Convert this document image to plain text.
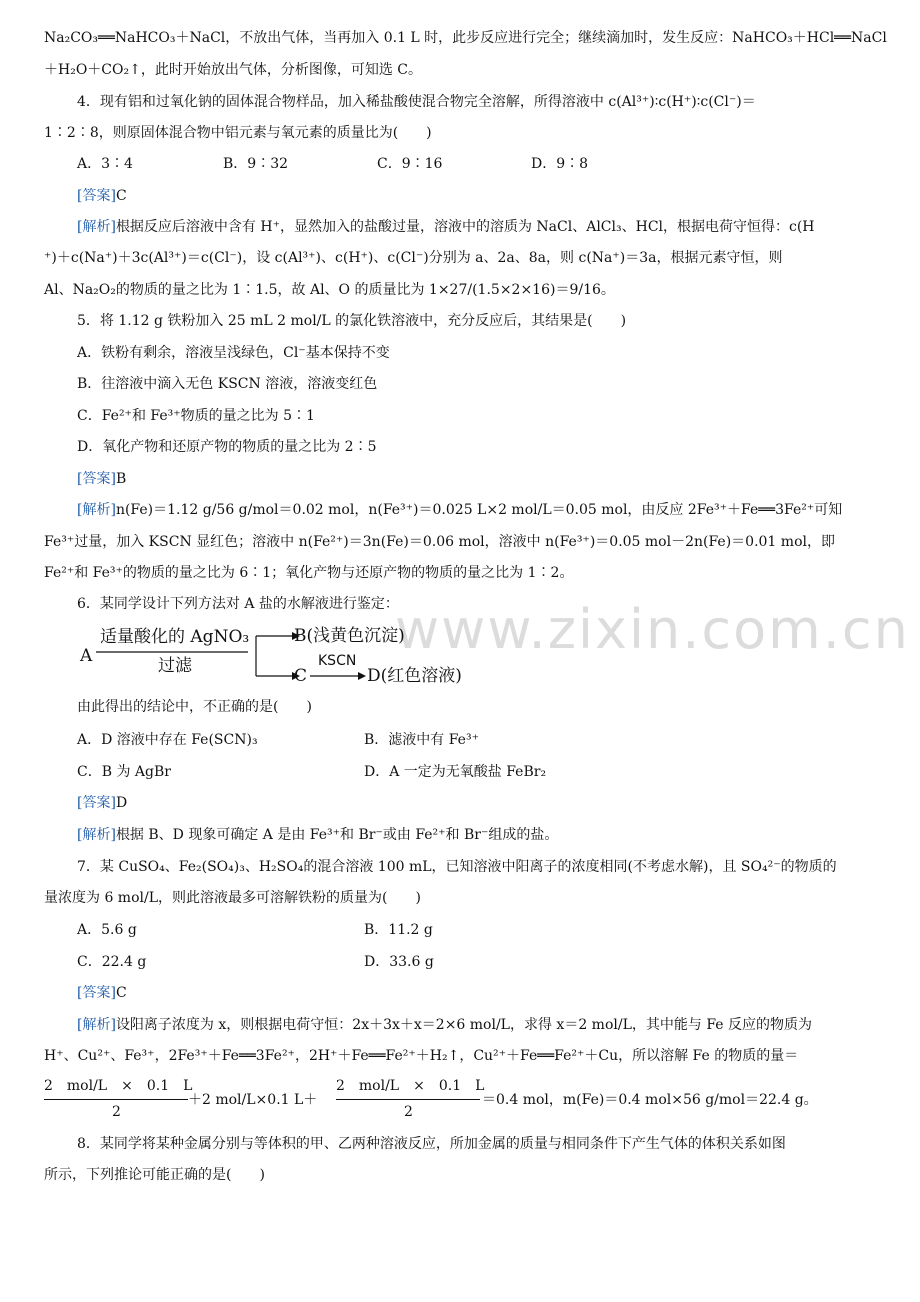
www.zixin.com.cn
Na₂CO₃══NaHCO₃＋NaCl，不放出气体，当再加入 0.1 L 时，此步反应进行完全；继续滴加时，发生反应：NaHCO₃＋HCl══NaCl
＋H₂O＋CO₂↑，此时开始放出气体，分析图像，可知选 C。
4．现有铝和过氧化钠的固体混合物样品，加入稀盐酸使混合物完全溶解，所得溶液中 c(Al³⁺)∶c(H⁺)∶c(Cl⁻)＝
1∶2∶8，则原固体混合物中铝元素与氧元素的质量比为(　　)
A．3∶4	B．9∶32	C．9∶16	D．9∶8
[答案]C
[解析]根据反应后溶液中含有 H⁺，显然加入的盐酸过量，溶液中的溶质为 NaCl、AlCl₃、HCl，根据电荷守恒得：c(H
⁺)＋c(Na⁺)＋3c(Al³⁺)＝c(Cl⁻)，设 c(Al³⁺)、c(H⁺)、c(Cl⁻)分别为 a、2a、8a，则 c(Na⁺)＝3a，根据元素守恒，则
Al、Na₂O₂的物质的量之比为 1∶1.5，故 Al、O 的质量比为 1×27/(1.5×2×16)＝9/16。
5．将 1.12 g 铁粉加入 25 mL 2 mol/L 的氯化铁溶液中，充分反应后，其结果是(　　)
A．铁粉有剩余，溶液呈浅绿色，Cl⁻基本保持不变
B．往溶液中滴入无色 KSCN 溶液，溶液变红色
C．Fe²⁺和 Fe³⁺物质的量之比为 5∶1
D．氧化产物和还原产物的物质的量之比为 2∶5
[答案]B
[解析]n(Fe)＝1.12 g/56 g/mol＝0.02 mol，n(Fe³⁺)＝0.025 L×2 mol/L＝0.05 mol，由反应 2Fe³⁺＋Fe══3Fe²⁺可知
Fe³⁺过量，加入 KSCN 显红色；溶液中 n(Fe²⁺)＝3n(Fe)＝0.06 mol，溶液中 n(Fe³⁺)＝0.05 mol－2n(Fe)＝0.01 mol，即
Fe²⁺和 Fe³⁺的物质的量之比为 6∶1；氧化产物与还原产物的物质的量之比为 1∶2。
6．某同学设计下列方法对 A 盐的水解液进行鉴定：
A
适量酸化的 AgNO₃
过滤
B(浅黄色沉淀)
C
KSCN
D(红色溶液)
由此得出的结论中，不正确的是(　　)
A．D 溶液中存在 Fe(SCN)₃	B．滤液中有 Fe³⁺
C．B 为 AgBr	D．A 一定为无氧酸盐 FeBr₂
[答案]D
[解析]根据 B、D 现象可确定 A 是由 Fe³⁺和 Br⁻或由 Fe²⁺和 Br⁻组成的盐。
7．某 CuSO₄、Fe₂(SO₄)₃、H₂SO₄的混合溶液 100 mL，已知溶液中阳离子的浓度相同(不考虑水解)，且 SO₄²⁻的物质的
量浓度为 6 mol/L，则此溶液最多可溶解铁粉的质量为(　　)
A．5.6 g	B．11.2 g
C．22.4 g	D．33.6 g
[答案]C
[解析]设阳离子浓度为 x，则根据电荷守恒：2x＋3x＋x＝2×6 mol/L，求得 x＝2 mol/L，其中能与 Fe 反应的物质为
H⁺、Cu²⁺、Fe³⁺，2Fe³⁺＋Fe══3Fe²⁺，2H⁺＋Fe══Fe²⁺＋H₂↑，Cu²⁺＋Fe══Fe²⁺＋Cu，所以溶解 Fe 的物质的量＝
2　mol/L　×　0.1　L
2
＋2 mol/L×0.1 L＋
2　mol/L　×　0.1　L
2
＝0.4 mol，m(Fe)＝0.4 mol×56 g/mol＝22.4 g。
8．某同学将某种金属分别与等体积的甲、乙两种溶液反应，所加金属的质量与相同条件下产生气体的体积关系如图
所示，下列推论可能正确的是(　　)
